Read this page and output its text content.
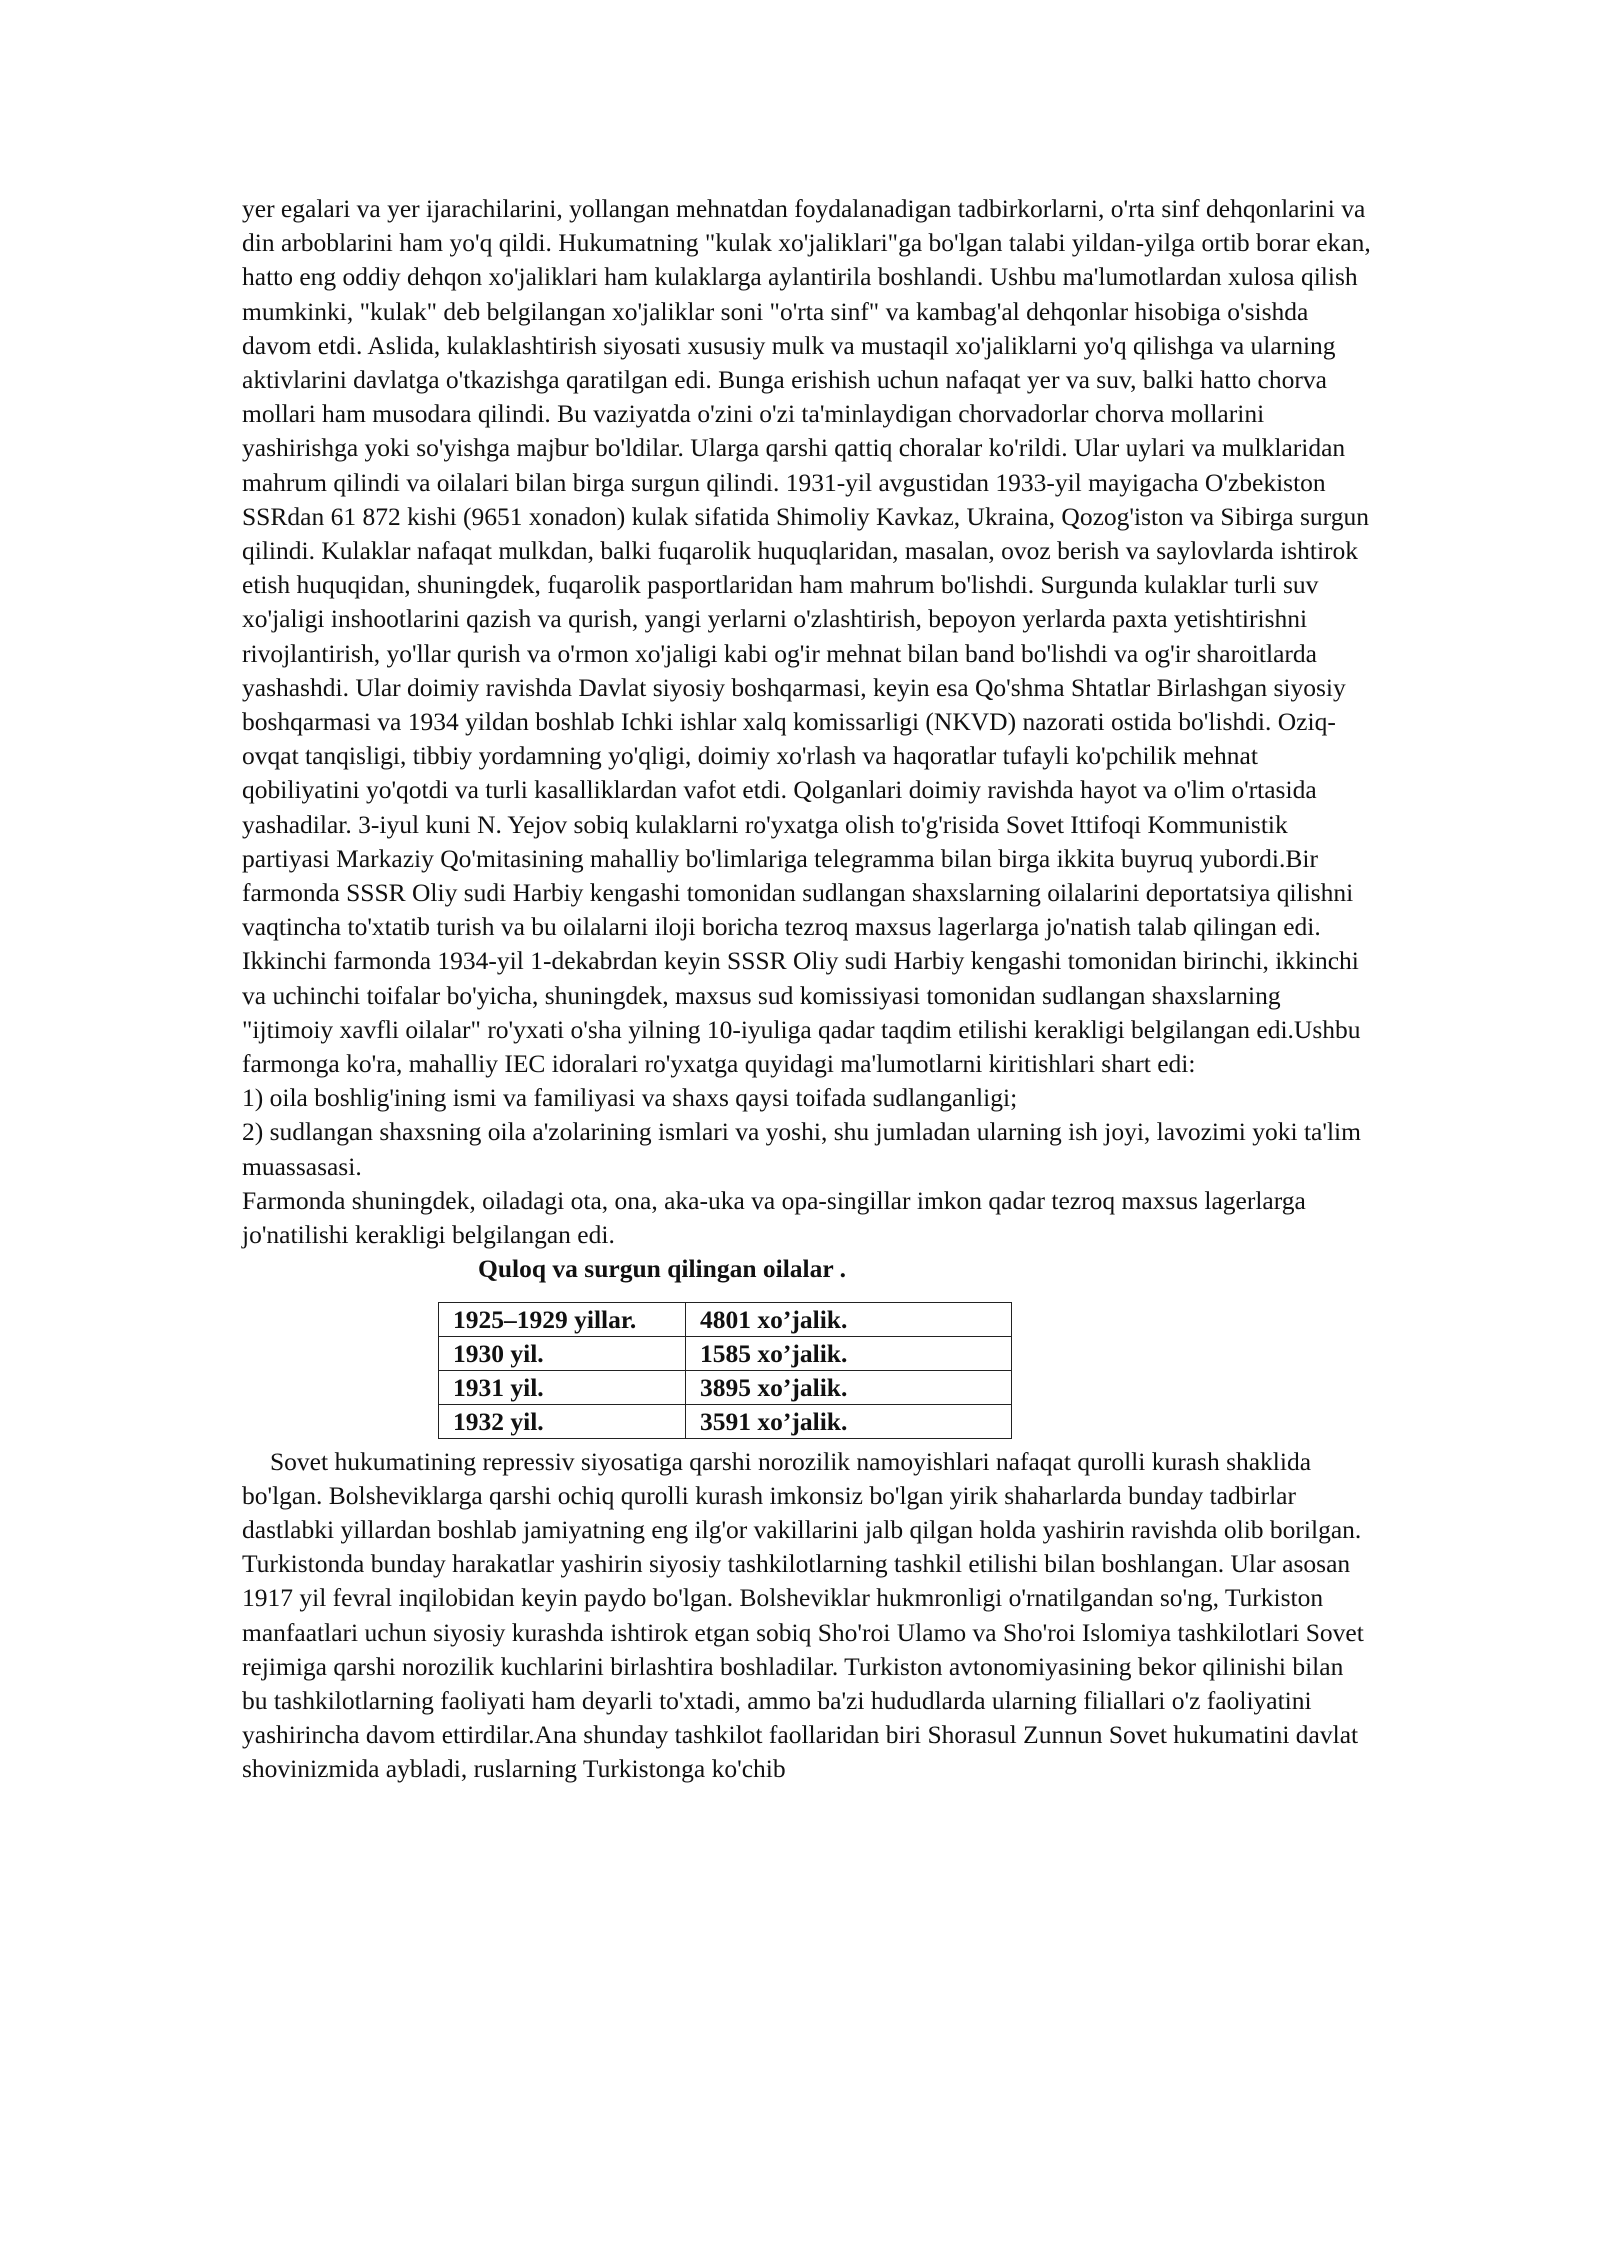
yer egalari va yer ijarachilarini, yollangan mehnatdan foydalanadigan tadbirkorlarni, o'rta sinf dehqonlarini va din arboblarini ham yo'q qildi. Hukumatning "kulak xo'jaliklari"ga bo'lgan talabi yildan-yilga ortib borar ekan, hatto eng oddiy dehqon xo'jaliklari ham kulaklarga aylantirila boshlandi. Ushbu ma'lumotlardan xulosa qilish mumkinki, "kulak" deb belgilangan xo'jaliklar soni "o'rta sinf" va kambag'al dehqonlar hisobiga o'sishda davom etdi. Aslida, kulaklashtirish siyosati xususiy mulk va mustaqil xo'jaliklarni yo'q qilishga va ularning aktivlarini davlatga o'tkazishga qaratilgan edi. Bunga erishish uchun nafaqat yer va suv, balki hatto chorva mollari ham musodara qilindi. Bu vaziyatda o'zini o'zi ta'minlaydigan chorvadorlar chorva mollarini yashirishga yoki so'yishga majbur bo'ldilar. Ularga qarshi qattiq choralar ko'rildi. Ular uylari va mulklaridan mahrum qilindi va oilalari bilan birga surgun qilindi. 1931-yil avgustidan 1933-yil mayigacha O'zbekiston SSRdan 61 872 kishi (9651 xonadon) kulak sifatida Shimoliy Kavkaz, Ukraina, Qozog'iston va Sibirga surgun qilindi. Kulaklar nafaqat mulkdan, balki fuqarolik huquqlaridan, masalan, ovoz berish va saylovlarda ishtirok etish huquqidan, shuningdek, fuqarolik pasportlaridan ham mahrum bo'lishdi. Surgunda kulaklar turli suv xo'jaligi inshootlarini qazish va qurish, yangi yerlarni o'zlashtirish, bepoyon yerlarda paxta yetishtirishni rivojlantirish, yo'llar qurish va o'rmon xo'jaligi kabi og'ir mehnat bilan band bo'lishdi va og'ir sharoitlarda yashashdi. Ular doimiy ravishda Davlat siyosiy boshqarmasi, keyin esa Qo'shma Shtatlar Birlashgan siyosiy boshqarmasi va 1934 yildan boshlab Ichki ishlar xalq komissarligi (NKVD) nazorati ostida bo'lishdi. Oziq-ovqat tanqisligi, tibbiy yordamning yo'qligi, doimiy xo'rlash va haqoratlar tufayli ko'pchilik mehnat qobiliyatini yo'qotdi va turli kasalliklardan vafot etdi. Qolganlari doimiy ravishda hayot va o'lim o'rtasida yashadilar. 3-iyul kuni N. Yejov sobiq kulaklarni ro'yxatga olish to'g'risida Sovet Ittifoqi Kommunistik partiyasi Markaziy Qo'mitasining mahalliy bo'limlariga telegramma bilan birga ikkita buyruq yubordi.Bir farmonda SSSR Oliy sudi Harbiy kengashi tomonidan sudlangan shaxslarning oilalarini deportatsiya qilishni vaqtincha to'xtatib turish va bu oilalarni iloji boricha tezroq maxsus lagerlarga jo'natish talab qilingan edi.

Ikkinchi farmonda 1934-yil 1-dekabrdan keyin SSSR Oliy sudi Harbiy kengashi tomonidan birinchi, ikkinchi va uchinchi toifalar bo'yicha, shuningdek, maxsus sud komissiyasi tomonidan sudlangan shaxslarning "ijtimoiy xavfli oilalar" ro'yxati o'sha yilning 10-iyuliga qadar taqdim etilishi kerakligi belgilangan edi.Ushbu farmonga ko'ra, mahalliy IEC idoralari ro'yxatga quyidagi ma'lumotlarni kiritishlari shart edi:

1) oila boshlig'ining ismi va familiyasi va shaxs qaysi toifada sudlanganligi;

2) sudlangan shaxsning oila a'zolarining ismlari va yoshi, shu jumladan ularning ish joyi, lavozimi yoki ta'lim muassasasi.

Farmonda shuningdek, oiladagi ota, ona, aka-uka va opa-singillar imkon qadar tezroq maxsus lagerlarga jo'natilishi kerakligi belgilangan edi.

Quloq va surgun qilingan oilalar .

1925–1929 yillar.	4801 xo’jalik.
1930 yil.	1585 xo’jalik.
1931 yil.	3895 xo’jalik.
1932 yil.	3591 xo’jalik.

Sovet hukumatining repressiv siyosatiga qarshi norozilik namoyishlari nafaqat qurolli kurash shaklida bo'lgan. Bolsheviklarga qarshi ochiq qurolli kurash imkonsiz bo'lgan yirik shaharlarda bunday tadbirlar dastlabki yillardan boshlab jamiyatning eng ilg'or vakillarini jalb qilgan holda yashirin ravishda olib borilgan.

Turkistonda bunday harakatlar yashirin siyosiy tashkilotlarning tashkil etilishi bilan boshlangan. Ular asosan 1917 yil fevral inqilobidan keyin paydo bo'lgan. Bolsheviklar hukmronligi o'rnatilgandan so'ng, Turkiston manfaatlari uchun siyosiy kurashda ishtirok etgan sobiq Sho'roi Ulamo va Sho'roi Islomiya tashkilotlari Sovet rejimiga qarshi norozilik kuchlarini birlashtira boshladilar. Turkiston avtonomiyasining bekor qilinishi bilan bu tashkilotlarning faoliyati ham deyarli to'xtadi, ammo ba'zi hududlarda ularning filiallari o'z faoliyatini yashirincha davom ettirdilar.Ana shunday tashkilot faollaridan biri Shorasul Zunnun Sovet hukumatini davlat shovinizmida aybladi, ruslarning Turkistonga ko'chib
